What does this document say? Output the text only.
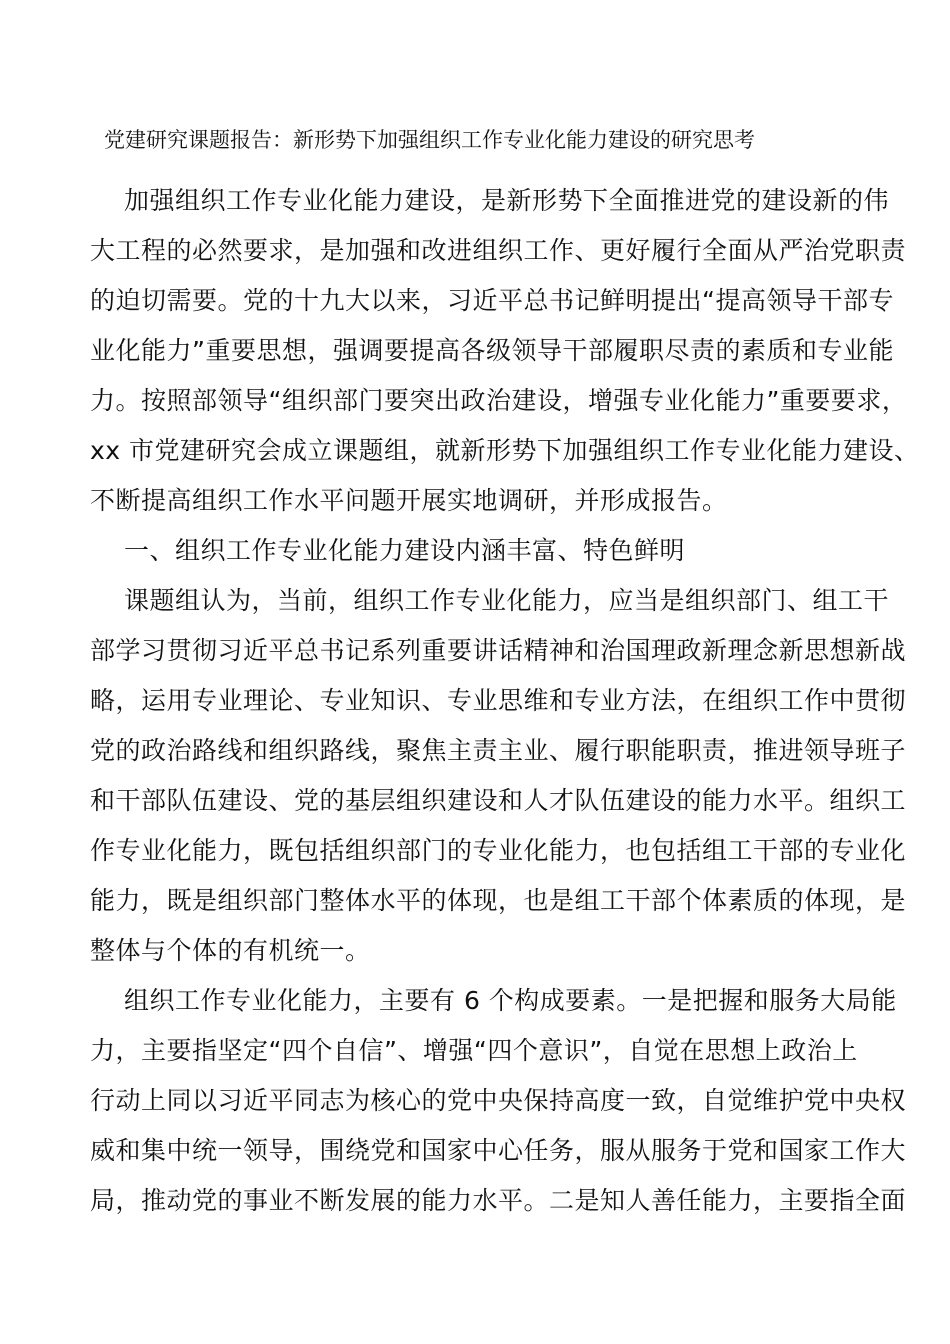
党建研究课题报告：新形势下加强组织工作专业化能力建设的研究思考
加强组织工作专业化能力建设，是新形势下全面推进党的建设新的伟
大工程的必然要求，是加强和改进组织工作、更好履行全面从严治党职责
的迫切需要。党的十九大以来，习近平总书记鲜明提出“提高领导干部专
业化能力”重要思想，强调要提高各级领导干部履职尽责的素质和专业能
力。按照部领导“组织部门要突出政治建设，增强专业化能力”重要要求，
xx 市党建研究会成立课题组，就新形势下加强组织工作专业化能力建设、
不断提高组织工作水平问题开展实地调研，并形成报告。
一、组织工作专业化能力建设内涵丰富、特色鲜明
课题组认为，当前，组织工作专业化能力，应当是组织部门、组工干
部学习贯彻习近平总书记系列重要讲话精神和治国理政新理念新思想新战
略，运用专业理论、专业知识、专业思维和专业方法，在组织工作中贯彻
党的政治路线和组织路线，聚焦主责主业、履行职能职责，推进领导班子
和干部队伍建设、党的基层组织建设和人才队伍建设的能力水平。组织工
作专业化能力，既包括组织部门的专业化能力，也包括组工干部的专业化
能力，既是组织部门整体水平的体现，也是组工干部个体素质的体现，是
整体与个体的有机统一。
组织工作专业化能力，主要有 6 个构成要素。一是把握和服务大局能
力，主要指坚定“四个自信”、增强“四个意识”，自觉在思想上政治上
行动上同以习近平同志为核心的党中央保持高度一致，自觉维护党中央权
威和集中统一领导，围绕党和国家中心任务，服从服务于党和国家工作大
局，推动党的事业不断发展的能力水平。二是知人善任能力，主要指全面
